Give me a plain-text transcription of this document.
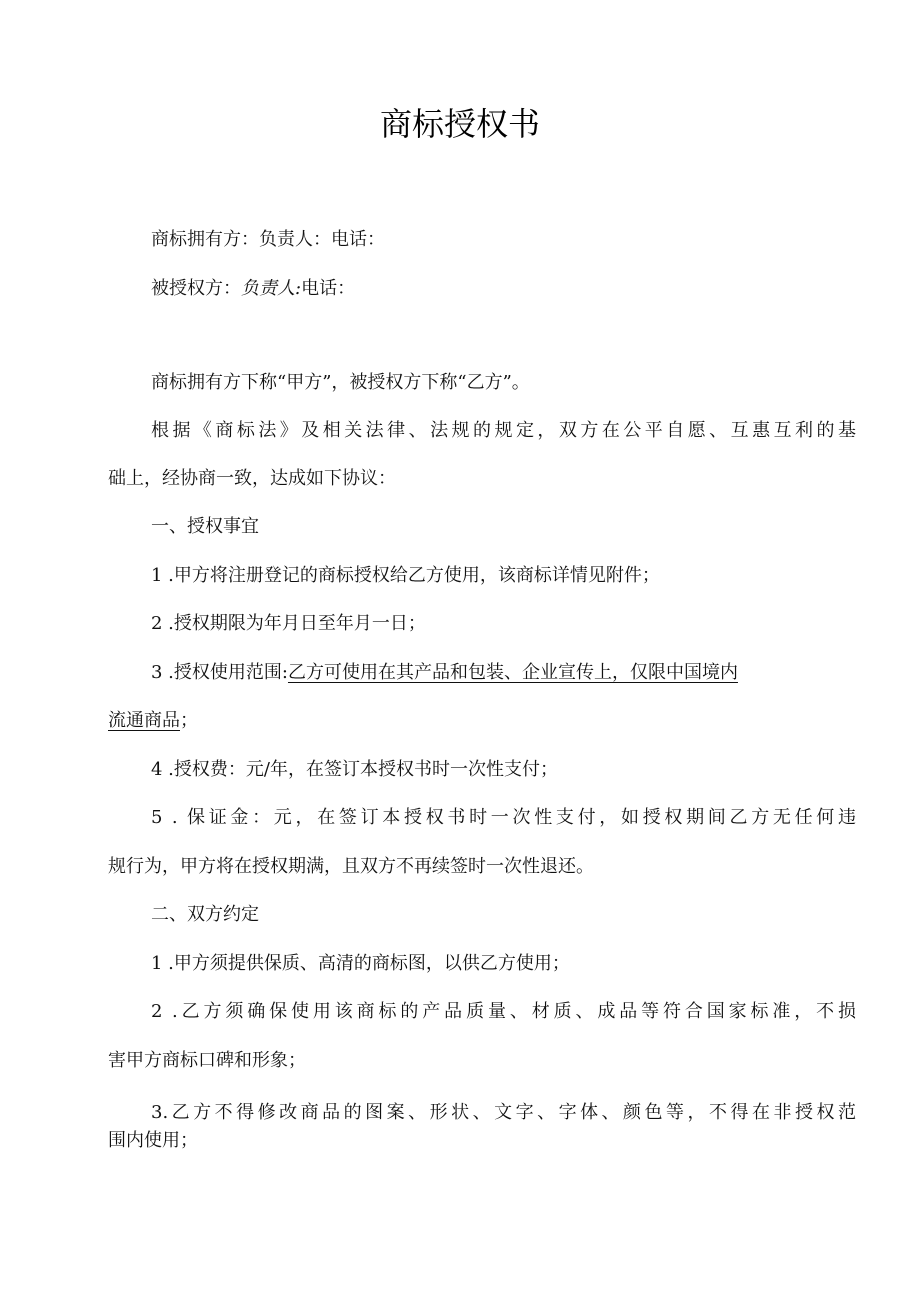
商标授权书

商标拥有方：负责人：电话：

被授权方：负责人:电话：

商标拥有方下称“甲方”，被授权方下称“乙方”。

根据《商标法》及相关法律、法规的规定，双方在公平自愿、互惠互利的基

础上，经协商一致，达成如下协议：

一、授权事宜

1 .甲方将注册登记的商标授权给乙方使用，该商标详情见附件；

2 .授权期限为年月日至年月一日；

3 .授权使用范围:乙方可使用在其产品和包装、企业宣传上，仅限中国境内

流通商品；

4 .授权费：元/年，在签订本授权书时一次性支付；

5 . 保证金：元，在签订本授权书时一次性支付，如授权期间乙方无任何违

规行为，甲方将在授权期满，且双方不再续签时一次性退还。

二、双方约定

1 .甲方须提供保质、高清的商标图，以供乙方使用；

2 .乙方须确保使用该商标的产品质量、材质、成品等符合国家标准，不损

害甲方商标口碑和形象；

3.乙方不得修改商品的图案、形状、文字、字体、颜色等，不得在非授权范

围内使用；
